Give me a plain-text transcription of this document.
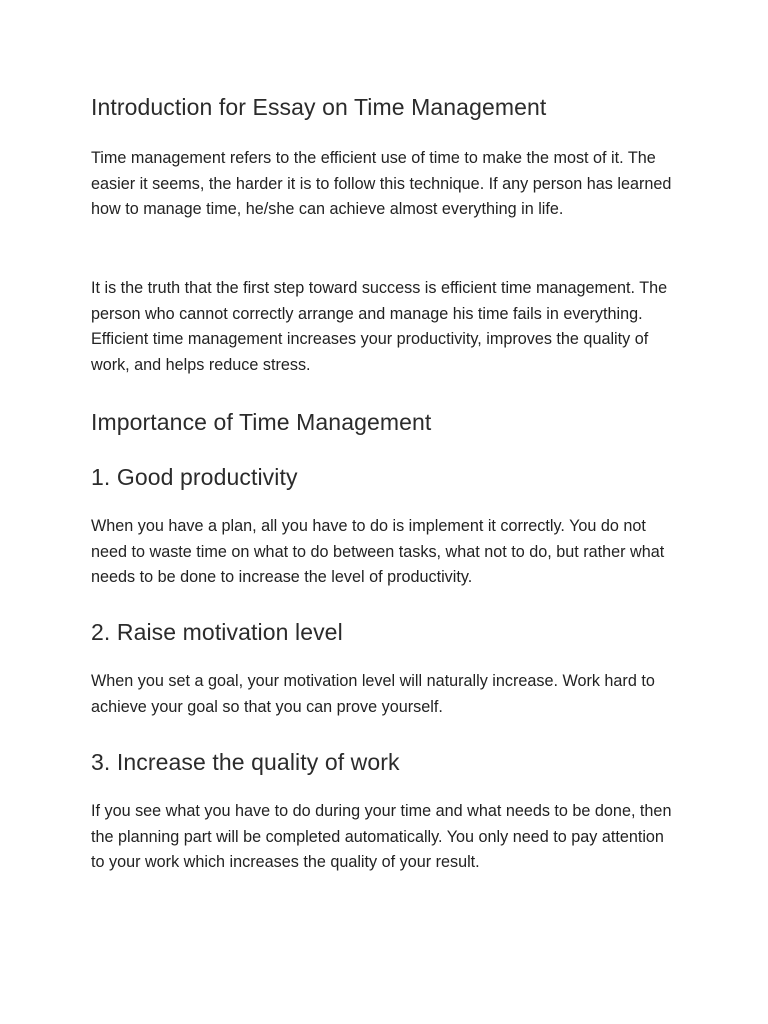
Introduction for Essay on Time Management

Time management refers to the efficient use of time to make the most of it. The easier it seems, the harder it is to follow this technique. If any person has learned how to manage time, he/she can achieve almost everything in life.

It is the truth that the first step toward success is efficient time management. The person who cannot correctly arrange and manage his time fails in everything. Efficient time management increases your productivity, improves the quality of work, and helps reduce stress.

Importance of Time Management
1. Good productivity

When you have a plan, all you have to do is implement it correctly. You do not need to waste time on what to do between tasks, what not to do, but rather what needs to be done to increase the level of productivity.

2. Raise motivation level

When you set a goal, your motivation level will naturally increase. Work hard to achieve your goal so that you can prove yourself.

3. Increase the quality of work

If you see what you have to do during your time and what needs to be done, then the planning part will be completed automatically. You only need to pay attention to your work which increases the quality of your result.
